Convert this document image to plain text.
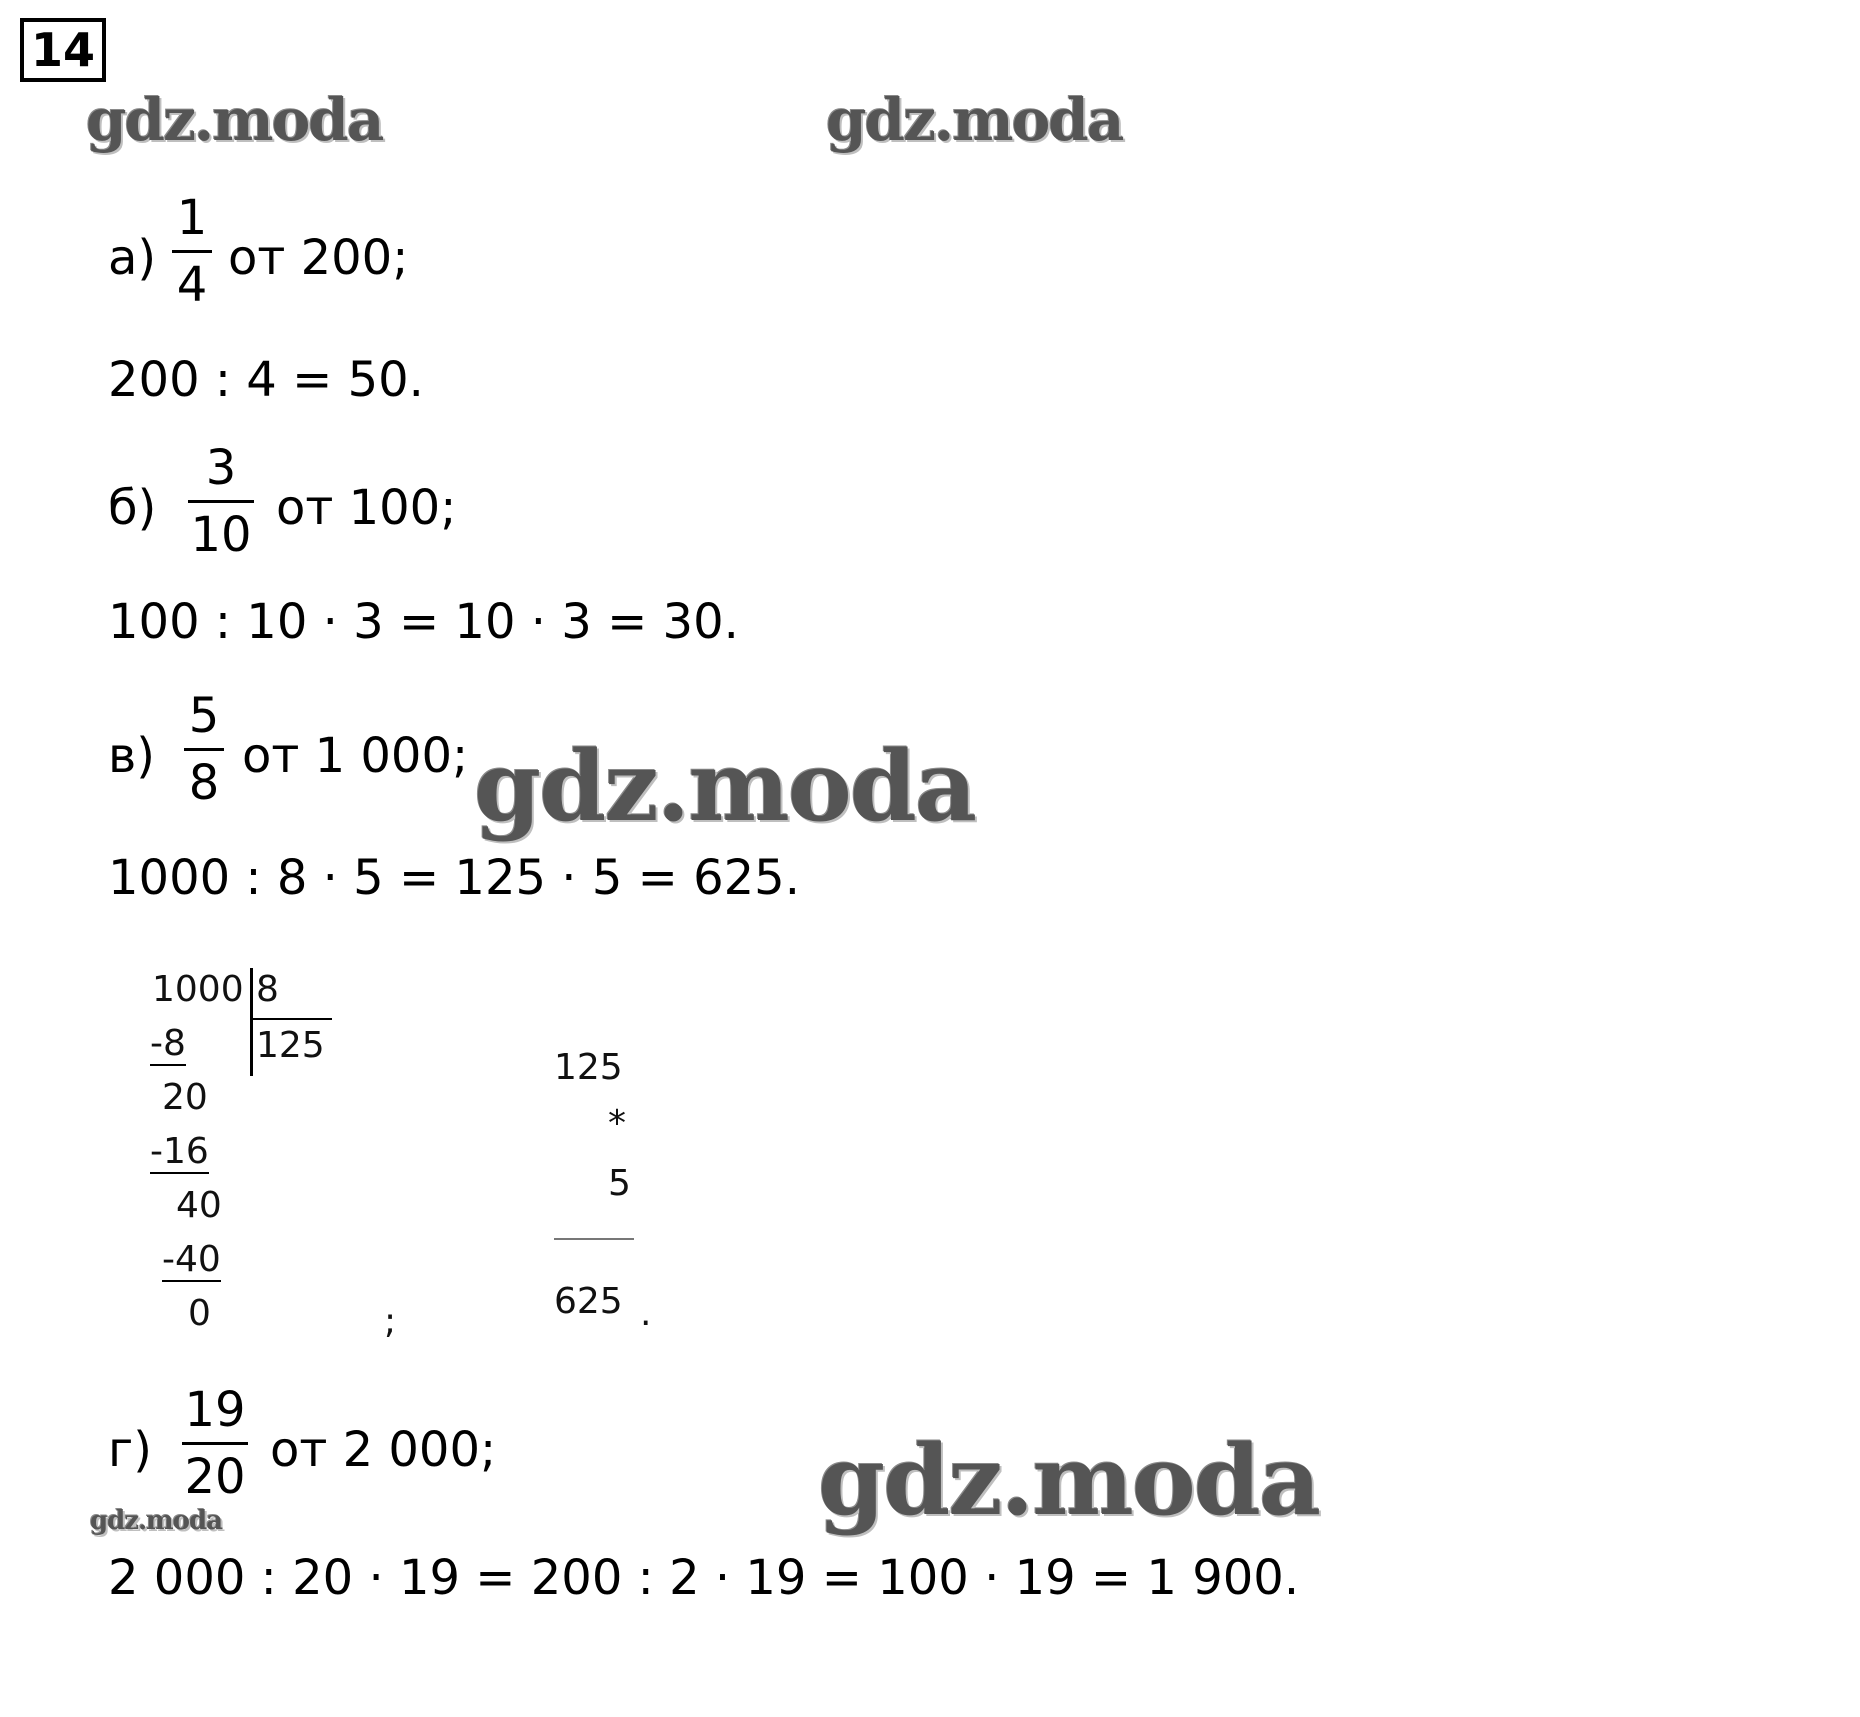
14
gdz.moda	gdz.moda
а)
1
4 от 200;
200 : 4 = 50.
б)
3
10 от 100;
100 : 10 · 3 = 10 · 3 = 30.
в)
5
8 от 1 000;
1000 : 8 · 5 = 125 · 5 = 625.
gdz.moda
1000 8
125
-8
20
-16
40
-40
0	;
125
*
5
625 .
г)
19
20 от 2 000;	gdz.moda
gdz.moda
2 000 : 20 · 19 = 200 : 2 · 19 = 100 · 19 = 1 900.
